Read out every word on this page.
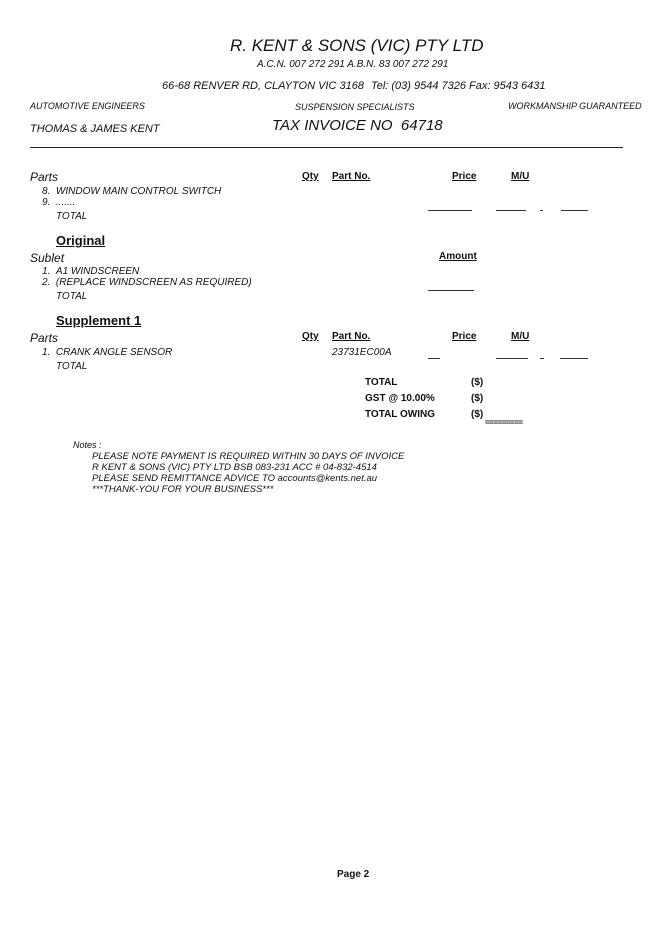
R. KENT & SONS (VIC) PTY LTD
A.C.N. 007 272 291 A.B.N. 83 007 272 291
66-68 RENVER RD, CLAYTON VIC 3168 Tel: (03) 9544 7326 Fax: 9543 6431
AUTOMOTIVE ENGINEERS	SUSPENSION SPECIALISTS	WORKMANSHIP GUARANTEED
THOMAS & JAMES KENT	TAX INVOICE NO 64718
Parts	Qty Part No.	Price	M/U
8. WINDOW MAIN CONTROL SWITCH
9. .......
TOTAL
Original
Sublet	Amount
1. A1 WINDSCREEN
2. (REPLACE WINDSCREEN AS REQUIRED)
TOTAL
Supplement 1
Parts	Qty Part No.	Price	M/U
1. CRANK ANGLE SENSOR	23731EC00A
TOTAL
TOTAL	($)
GST @ 10.00%	($)
TOTAL OWING	($)
=========
Notes :
PLEASE NOTE PAYMENT IS REQUIRED WITHIN 30 DAYS OF INVOICE
R KENT & SONS (VIC) PTY LTD BSB 083-231 ACC # 04-832-4514
PLEASE SEND REMITTANCE ADVICE TO accounts@kents.net.au
***THANK-YOU FOR YOUR BUSINESS***
Page 2
